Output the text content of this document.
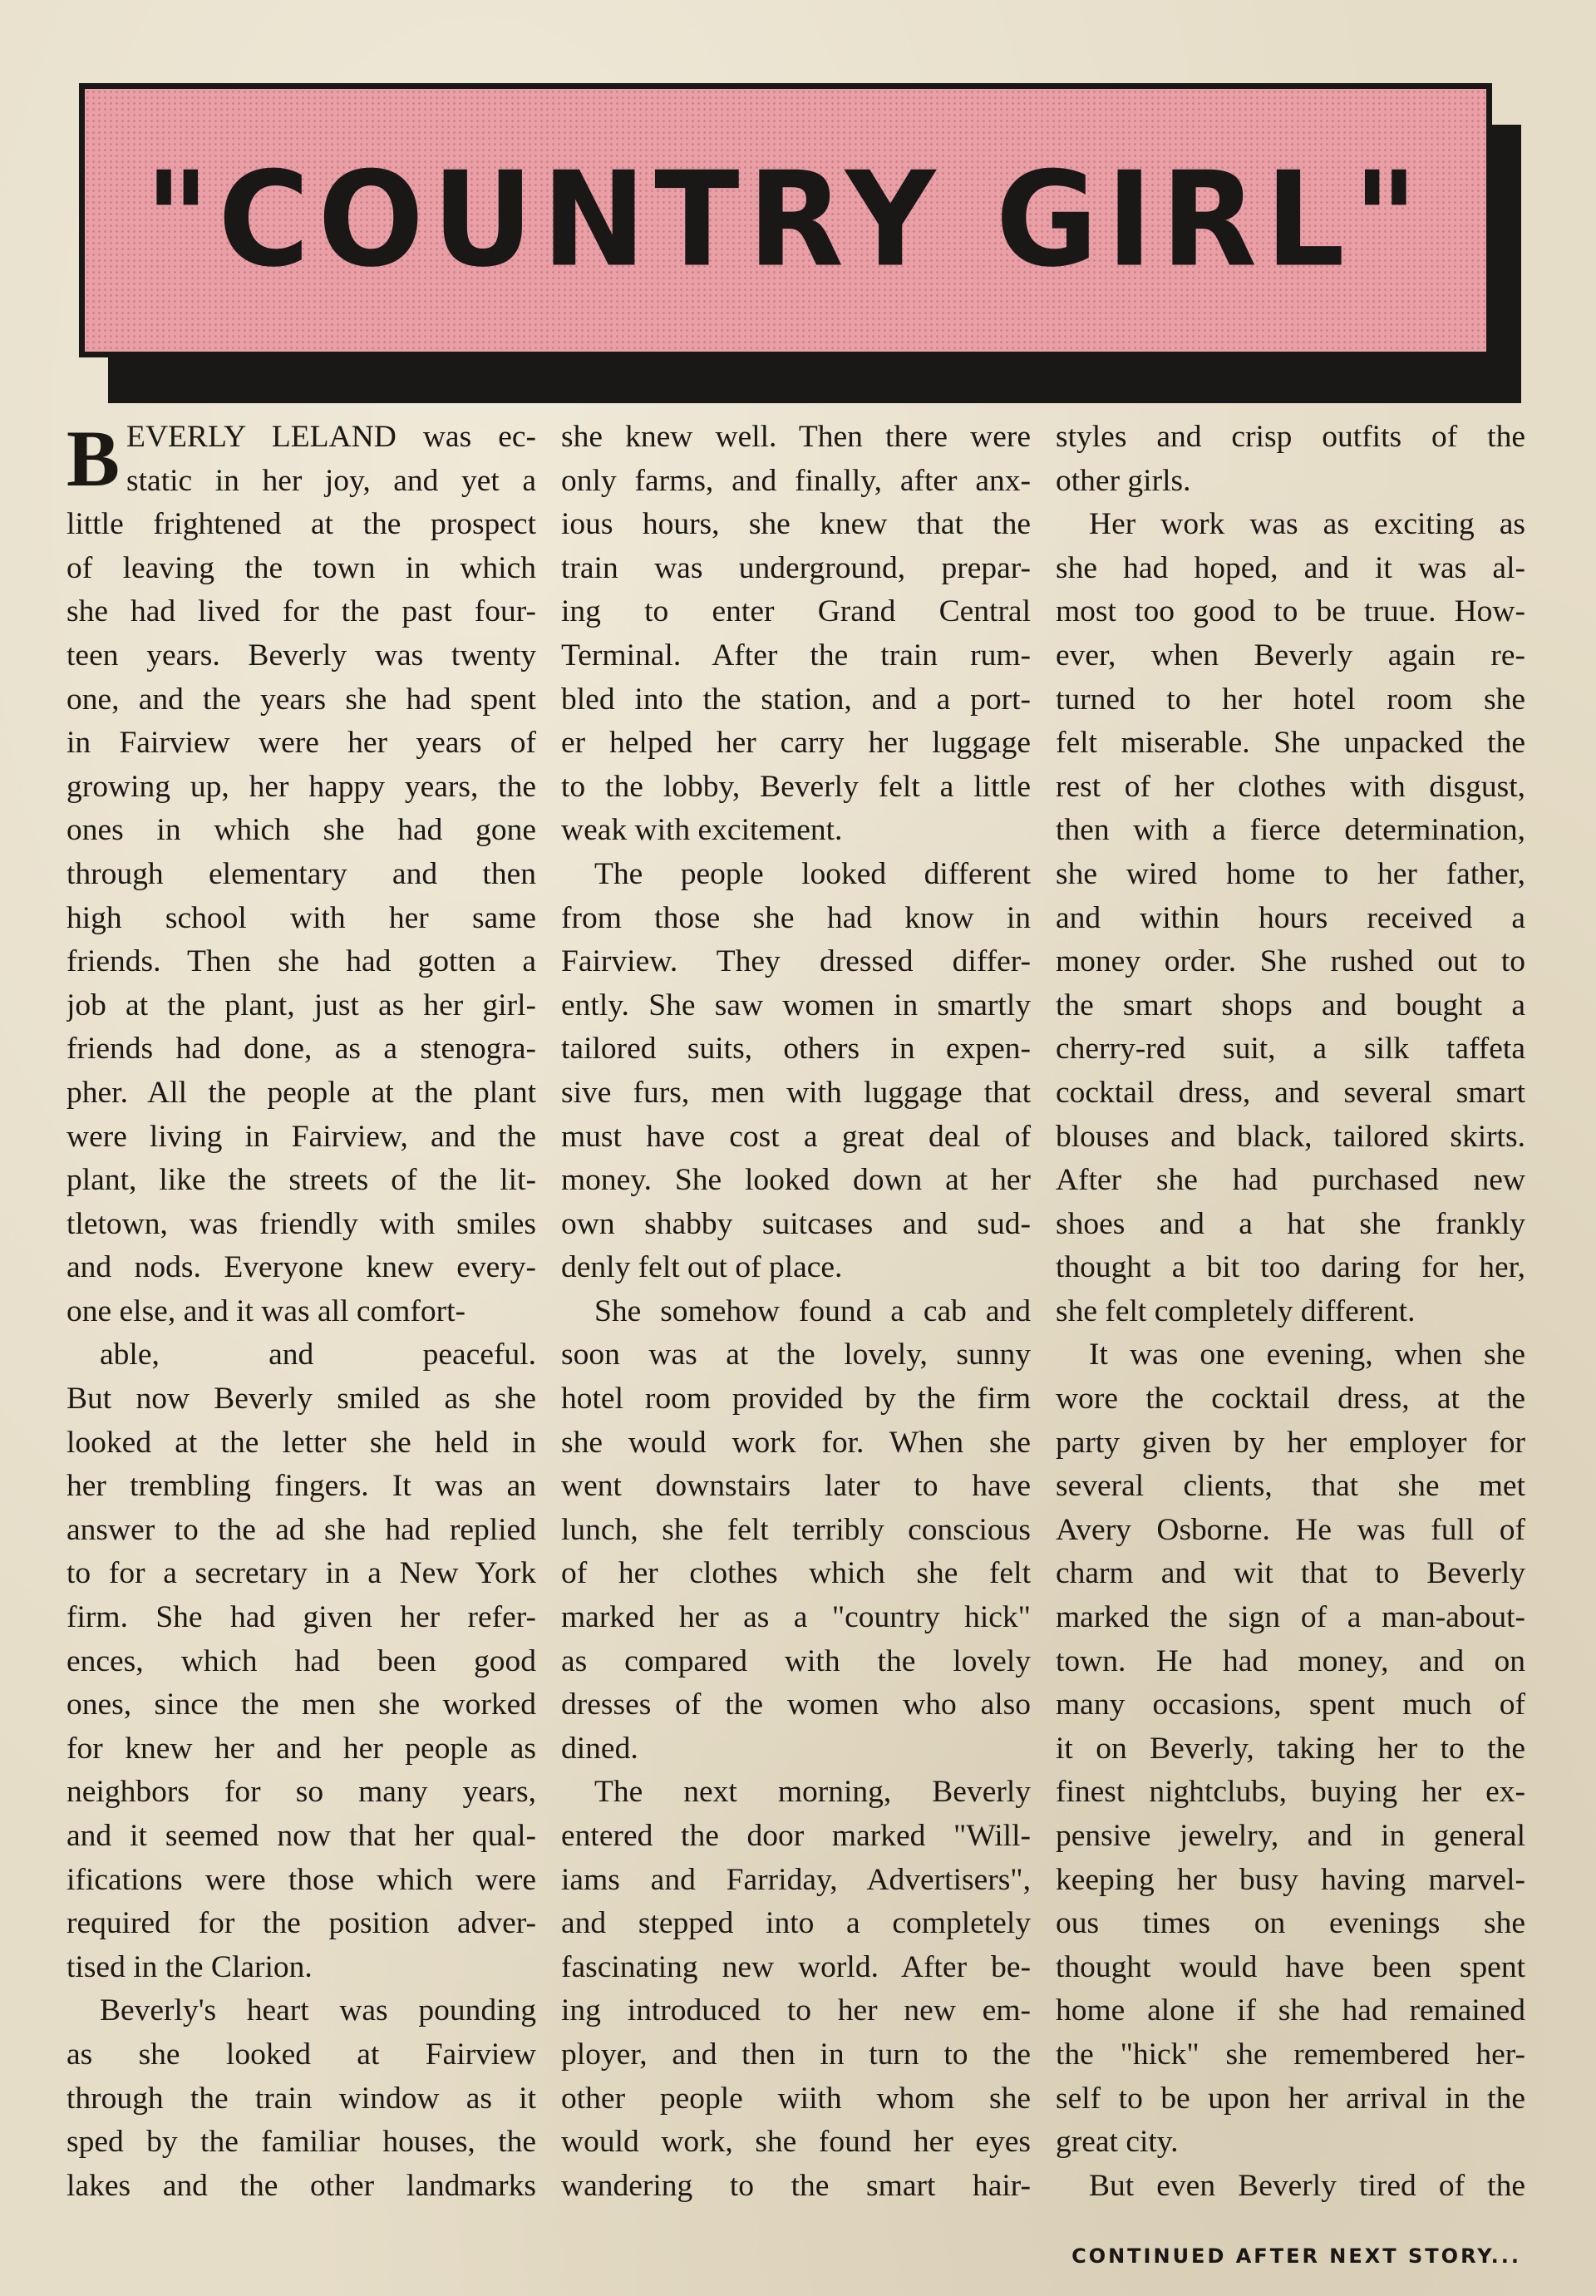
"COUNTRY GIRL"
B EVERLY LELAND was ec-
static in her joy, and yet a
little frightened at the prospect
of leaving the town in which
she had lived for the past four-
teen years. Beverly was twenty
one, and the years she had spent
in Fairview were her years of
growing up, her happy years, the
ones in which she had gone
through elementary and then
high school with her same
friends. Then she had gotten a
job at the plant, just as her girl-
friends had done, as a stenogra-
pher. All the people at the plant
were living in Fairview, and the
plant, like the streets of the lit-
tletown, was friendly with smiles
and nods. Everyone knew every-
one else, and it was all comfort-
able, and peaceful.
But now Beverly smiled as she
looked at the letter she held in
her trembling fingers. It was an
answer to the ad she had replied
to for a secretary in a New York
firm. She had given her refer-
ences, which had been good
ones, since the men she worked
for knew her and her people as
neighbors for so many years,
and it seemed now that her qual-
ifications were those which were
required for the position adver-
tised in the Clarion.
Beverly's heart was pounding
as she looked at Fairview
through the train window as it
sped by the familiar houses, the
lakes and the other landmarks
she knew well. Then there were
only farms, and finally, after anx-
ious hours, she knew that the
train was underground, prepar-
ing to enter Grand Central
Terminal. After the train rum-
bled into the station, and a port-
er helped her carry her luggage
to the lobby, Beverly felt a little
weak with excitement.
The people looked different
from those she had know in
Fairview. They dressed differ-
ently. She saw women in smartly
tailored suits, others in expen-
sive furs, men with luggage that
must have cost a great deal of
money. She looked down at her
own shabby suitcases and sud-
denly felt out of place.
She somehow found a cab and
soon was at the lovely, sunny
hotel room provided by the firm
she would work for. When she
went downstairs later to have
lunch, she felt terribly conscious
of her clothes which she felt
marked her as a "country hick"
as compared with the lovely
dresses of the women who also
dined.
The next morning, Beverly
entered the door marked "Will-
iams and Farriday, Advertisers",
and stepped into a completely
fascinating new world. After be-
ing introduced to her new em-
ployer, and then in turn to the
other people wiith whom she
would work, she found her eyes
wandering to the smart hair-
styles and crisp outfits of the
other girls.
Her work was as exciting as
she had hoped, and it was al-
most too good to be truue. How-
ever, when Beverly again re-
turned to her hotel room she
felt miserable. She unpacked the
rest of her clothes with disgust,
then with a fierce determination,
she wired home to her father,
and within hours received a
money order. She rushed out to
the smart shops and bought a
cherry-red suit, a silk taffeta
cocktail dress, and several smart
blouses and black, tailored skirts.
After she had purchased new
shoes and a hat she frankly
thought a bit too daring for her,
she felt completely different.
It was one evening, when she
wore the cocktail dress, at the
party given by her employer for
several clients, that she met
Avery Osborne. He was full of
charm and wit that to Beverly
marked the sign of a man-about-
town. He had money, and on
many occasions, spent much of
it on Beverly, taking her to the
finest nightclubs, buying her ex-
pensive jewelry, and in general
keeping her busy having marvel-
ous times on evenings she
thought would have been spent
home alone if she had remained
the "hick" she remembered her-
self to be upon her arrival in the
great city.
But even Beverly tired of the
CONTINUED AFTER NEXT STORY...
